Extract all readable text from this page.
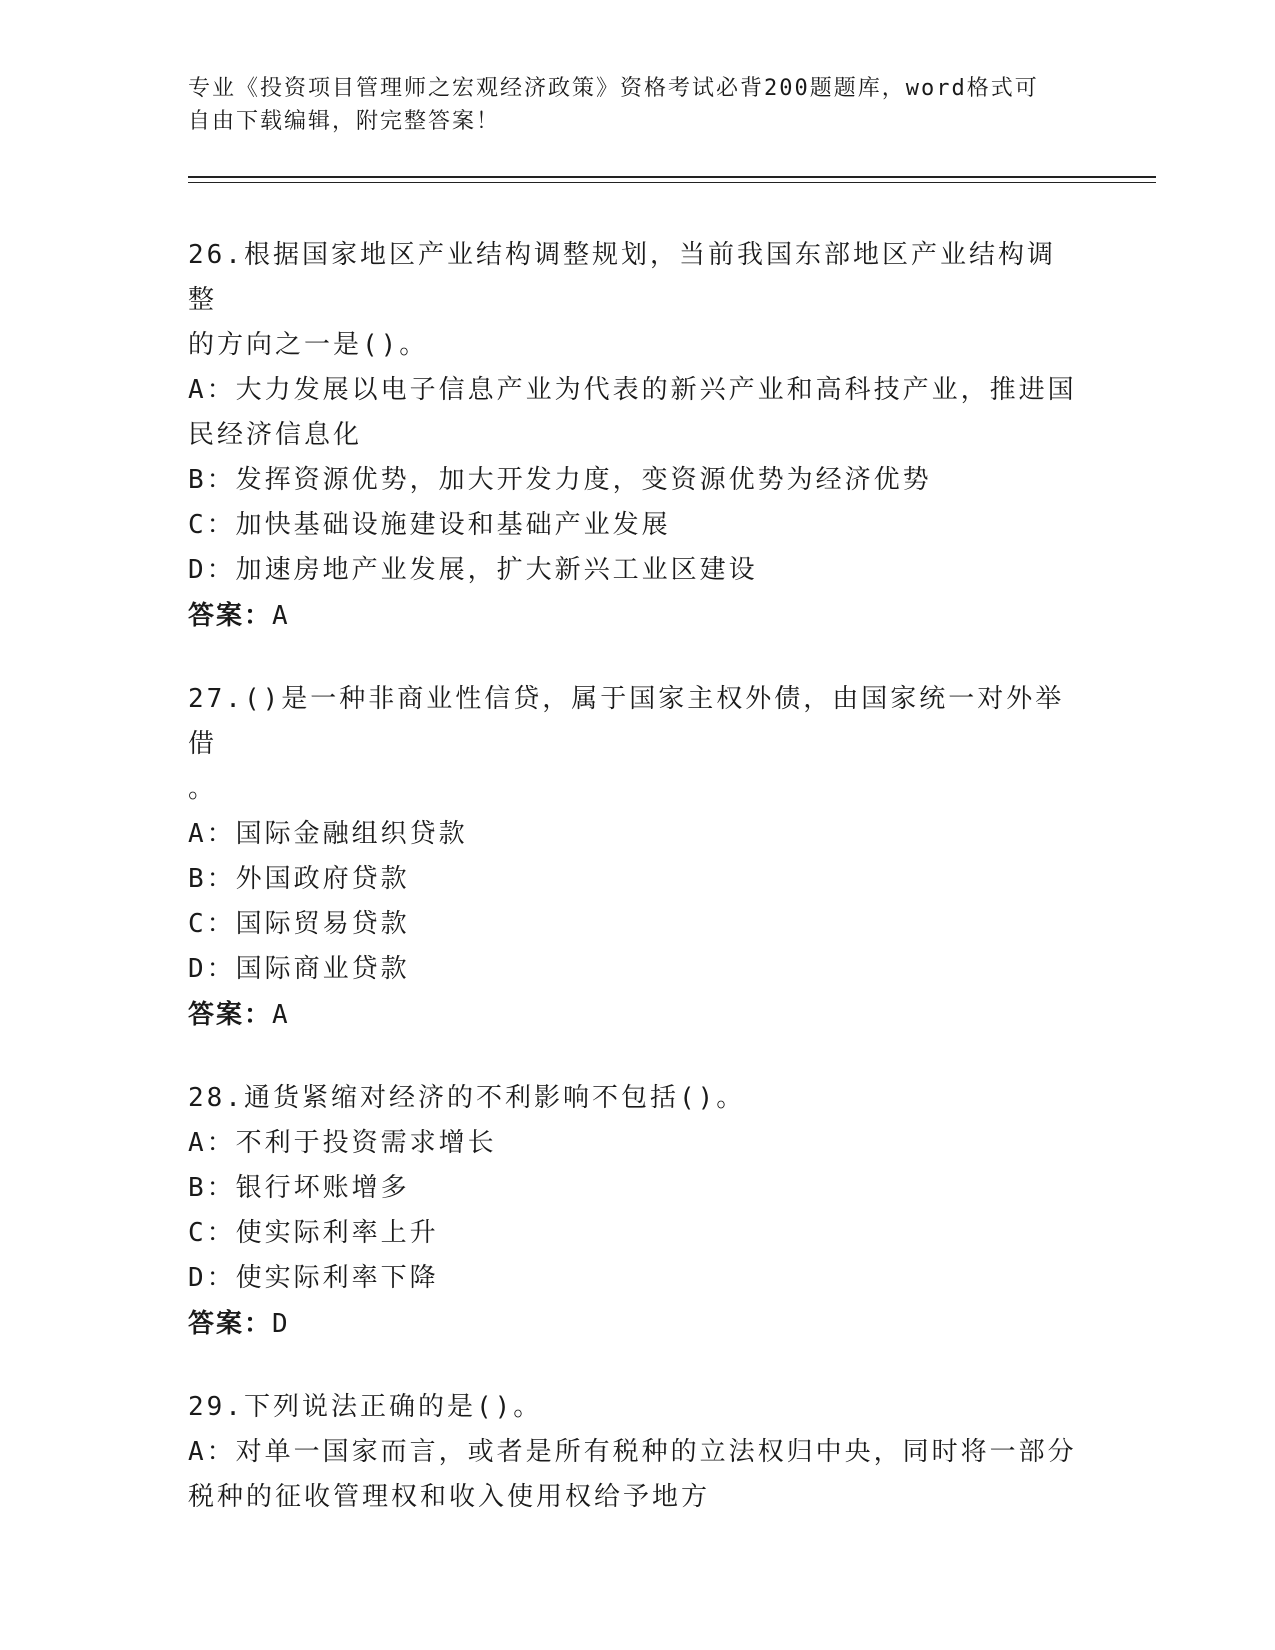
专业《投资项目管理师之宏观经济政策》资格考试必背200题题库，word格式可
自由下载编辑，附完整答案！

26.根据国家地区产业结构调整规划，当前我国东部地区产业结构调整

的方向之一是()。

A：大力发展以电子信息产业为代表的新兴产业和高科技产业，推进国

民经济信息化

B：发挥资源优势，加大开发力度，变资源优势为经济优势

C：加快基础设施建设和基础产业发展

D：加速房地产业发展，扩大新兴工业区建设

答案：A

27.()是一种非商业性信贷，属于国家主权外债，由国家统一对外举借

。

A：国际金融组织贷款

B：外国政府贷款

C：国际贸易贷款

D：国际商业贷款

答案：A

28.通货紧缩对经济的不利影响不包括()。

A：不利于投资需求增长

B：银行坏账增多

C：使实际利率上升

D：使实际利率下降

答案：D

29.下列说法正确的是()。

A：对单一国家而言，或者是所有税种的立法权归中央，同时将一部分

税种的征收管理权和收入使用权给予地方
